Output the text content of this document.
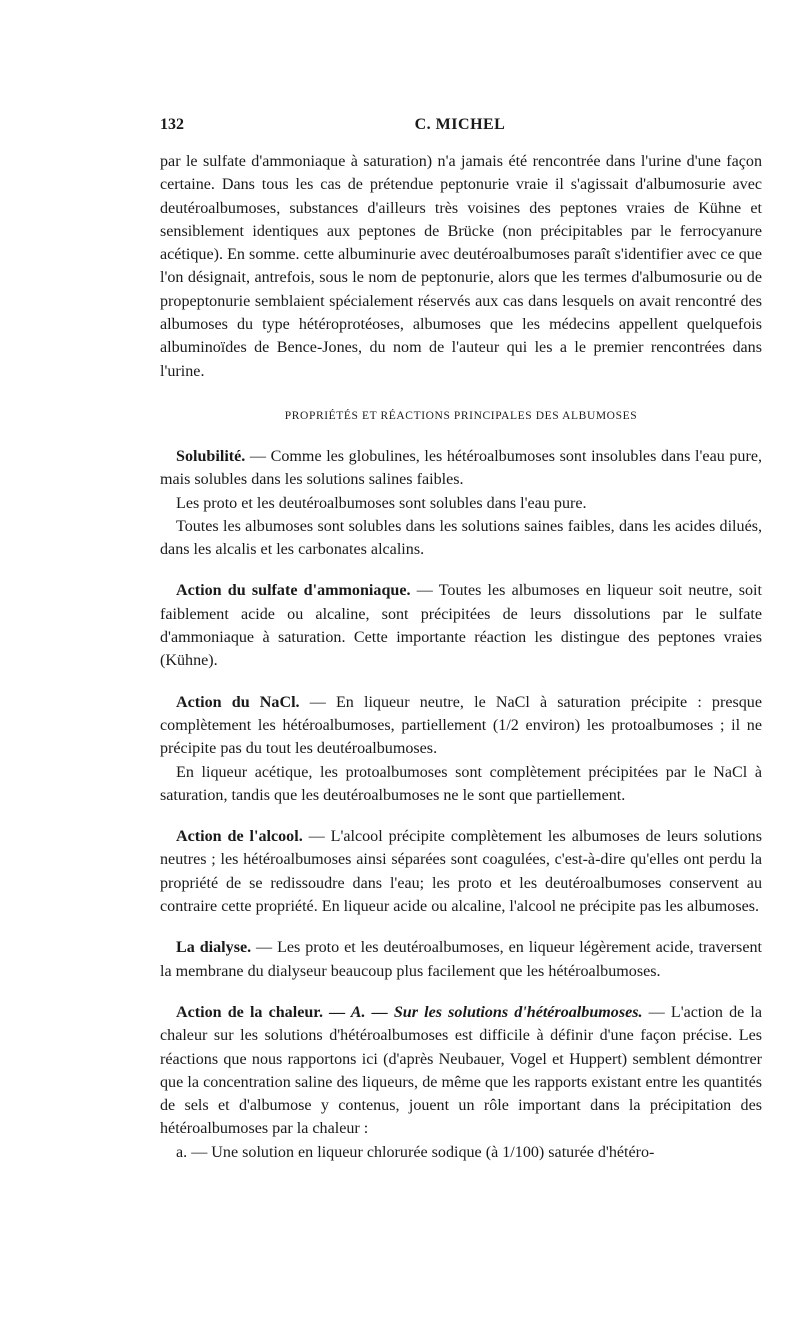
132	C. MICHEL

par le sulfate d'ammoniaque à saturation) n'a jamais été rencontrée dans l'urine d'une façon certaine. Dans tous les cas de prétendue peptonurie vraie il s'agissait d'albumosurie avec deutéroalbumoses, substances d'ailleurs très voisines des peptones vraies de Kühne et sensiblement identiques aux peptones de Brücke (non précipitables par le ferrocyanure acétique). En somme. cette albuminurie avec deutéroalbumoses paraît s'identifier avec ce que l'on désignait, antrefois, sous le nom de peptonurie, alors que les termes d'albumosurie ou de propeptonurie semblaient spécialement réservés aux cas dans lesquels on avait rencontré des albumoses du type hétéroprotéoses, albumoses que les médecins appellent quelquefois albuminoïdes de Bence-Jones, du nom de l'auteur qui les a le premier rencontrées dans l'urine.

PROPRIÉTÉS ET RÉACTIONS PRINCIPALES DES ALBUMOSES

Solubilité. — Comme les globulines, les hétéroalbumoses sont insolubles dans l'eau pure, mais solubles dans les solutions salines faibles.

Les proto et les deutéroalbumoses sont solubles dans l'eau pure.

Toutes les albumoses sont solubles dans les solutions saines faibles, dans les acides dilués, dans les alcalis et les carbonates alcalins.

Action du sulfate d'ammoniaque. — Toutes les albumoses en liqueur soit neutre, soit faiblement acide ou alcaline, sont précipitées de leurs dissolutions par le sulfate d'ammoniaque à saturation. Cette importante réaction les distingue des peptones vraies (Kühne).

Action du NaCl. — En liqueur neutre, le NaCl à saturation précipite : presque complètement les hétéroalbumoses, partiellement (1/2 environ) les protoalbumoses ; il ne précipite pas du tout les deutéroalbumoses.

En liqueur acétique, les protoalbumoses sont complètement précipitées par le NaCl à saturation, tandis que les deutéroalbumoses ne le sont que partiellement.

Action de l'alcool. — L'alcool précipite complètement les albumoses de leurs solutions neutres ; les hétéroalbumoses ainsi séparées sont coagulées, c'est-à-dire qu'elles ont perdu la propriété de se redissoudre dans l'eau; les proto et les deutéroalbumoses conservent au contraire cette propriété. En liqueur acide ou alcaline, l'alcool ne précipite pas les albumoses.

La dialyse. — Les proto et les deutéroalbumoses, en liqueur légèrement acide, traversent la membrane du dialyseur beaucoup plus facilement que les hétéroalbumoses.

Action de la chaleur. — A. — Sur les solutions d'hétéroalbumoses. — L'action de la chaleur sur les solutions d'hétéroalbumoses est difficile à définir d'une façon précise. Les réactions que nous rapportons ici (d'après Neubauer, Vogel et Huppert) semblent démontrer que la concentration saline des liqueurs, de même que les rapports existant entre les quantités de sels et d'albumose y contenus, jouent un rôle important dans la précipitation des hétéroalbumoses par la chaleur :

a. — Une solution en liqueur chlorurée sodique (à 1/100) saturée d'hétéro-
